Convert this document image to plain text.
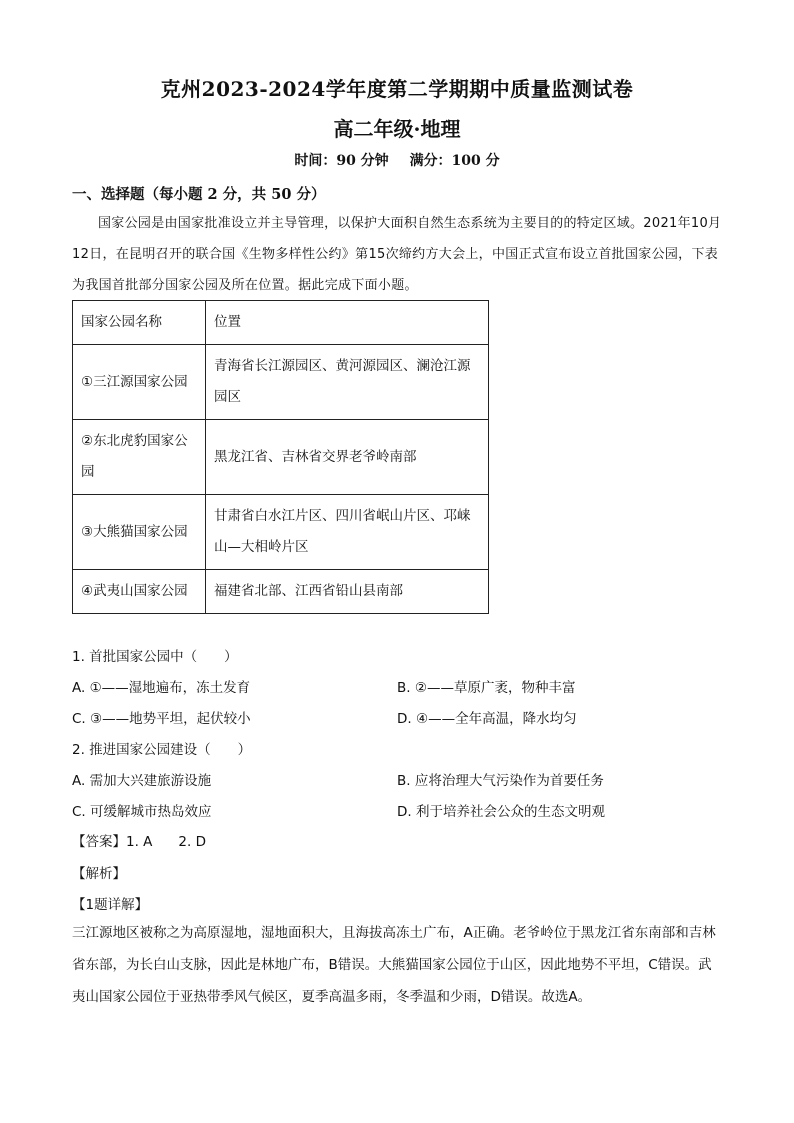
克州2023-2024学年度第二学期期中质量监测试卷
高二年级·地理
时间：90 分钟 满分：100 分
一、选择题（每小题 2 分，共 50 分）
国家公园是由国家批准设立并主导管理，以保护大面积自然生态系统为主要目的的特定区域。2021年10月12日，在昆明召开的联合国《生物多样性公约》第15次缔约方大会上，中国正式宣布设立首批国家公园，下表为我国首批部分国家公园及所在位置。据此完成下面小题。
国家公园名称	位置
①三江源国家公园	青海省长江源园区、黄河源园区、澜沧江源园区
②东北虎豹国家公园	黑龙江省、吉林省交界老爷岭南部
③大熊猫国家公园	甘肃省白水江片区、四川省岷山片区、邛崃山—大相岭片区
④武夷山国家公园	福建省北部、江西省铅山县南部
1. 首批国家公园中（　　）
A. ①——湿地遍布，冻土发育	B. ②——草原广袤，物种丰富
C. ③——地势平坦，起伏较小	D. ④——全年高温，降水均匀
2. 推进国家公园建设（　　）
A. 需加大兴建旅游设施	B. 应将治理大气污染作为首要任务
C. 可缓解城市热岛效应	D. 利于培养社会公众的生态文明观
【答案】1. A 2. D
【解析】
【1题详解】
三江源地区被称之为高原湿地，湿地面积大，且海拔高冻土广布，A正确。老爷岭位于黑龙江省东南部和吉林省东部，为长白山支脉，因此是林地广布，B错误。大熊猫国家公园位于山区，因此地势不平坦，C错误。武夷山国家公园位于亚热带季风气候区，夏季高温多雨，冬季温和少雨，D错误。故选A。
